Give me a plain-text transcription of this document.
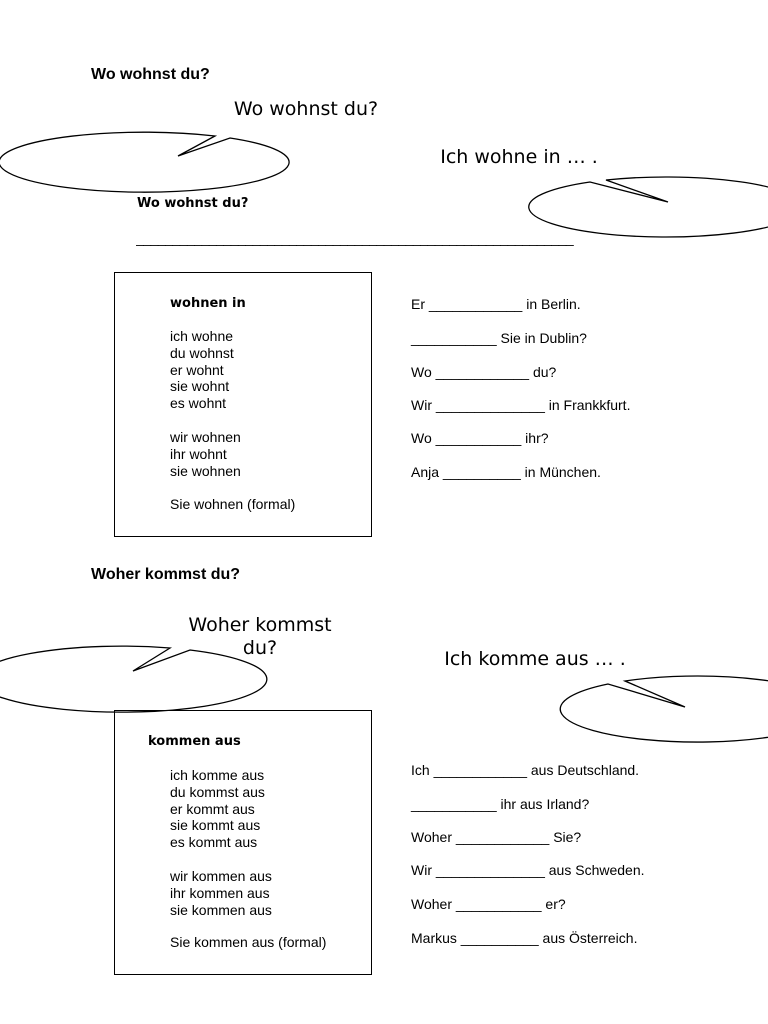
Wo wohnst du?
Wo wohnst du?
Ich wohne in … .
Wo wohnst du?
____________________________________________________________
wohnen in
ich wohne
du wohnst
er wohnt
sie wohnt
es wohnt
wir wohnen
ihr wohnt
sie wohnen
Sie wohnen (formal)
Er ____________ in Berlin.
___________ Sie in Dublin?
Wo ____________ du?
Wir ______________ in Frankkfurt.
Wo ___________ ihr?
Anja __________ in München.
Woher kommst du?
Woher kommst du?	Ich komme aus … .
kommen aus
ich komme aus
du kommst aus
er kommt aus
sie kommt aus
es kommt aus
wir kommen aus
ihr kommen aus
sie kommen aus
Sie kommen aus (formal)
Ich ____________ aus Deutschland.
___________ ihr aus Irland?
Woher ____________ Sie?
Wir ______________ aus Schweden.
Woher ___________ er?
Markus __________ aus Österreich.
